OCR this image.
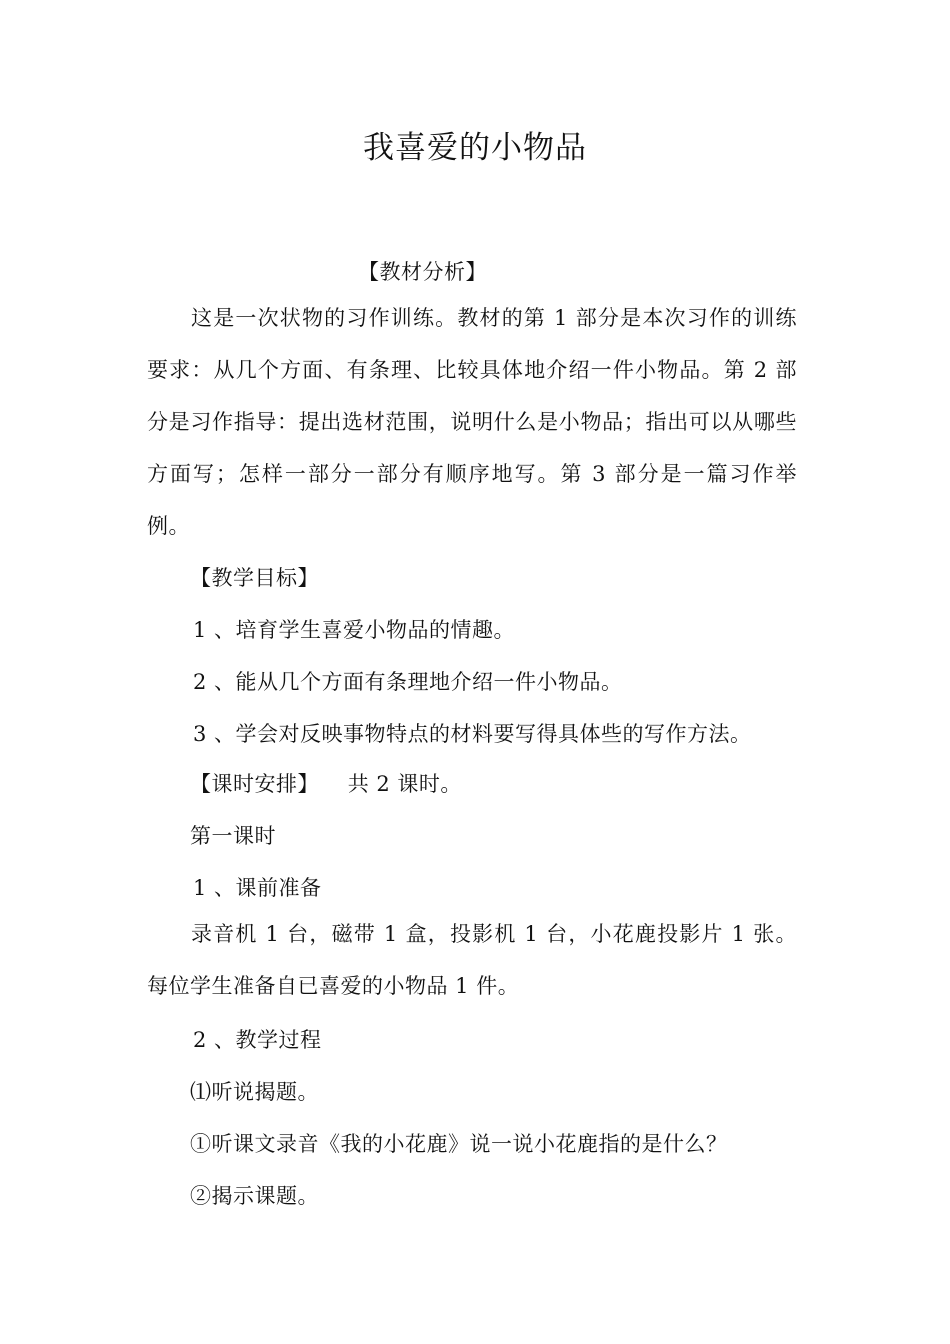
我喜爱的小物品
【教材分析】
这是一次状物的习作训练。教材的第 1 部分是本次习作的训练要求：从几个方面、有条理、比较具体地介绍一件小物品。第 2 部分是习作指导：提出选材范围，说明什么是小物品；指出可以从哪些方面写；怎样一部分一部分有顺序地写。第 3 部分是一篇习作举例。
【教学目标】
1 、培育学生喜爱小物品的情趣。
2 、能从几个方面有条理地介绍一件小物品。
3 、学会对反映事物特点的材料要写得具体些的写作方法。
【课时安排】    共 2 课时。
第一课时
1 、课前准备
录音机 1 台，磁带 1 盒，投影机 1 台，小花鹿投影片 1 张。每位学生准备自已喜爱的小物品 1 件。
2 、教学过程
⑴听说揭题。
①听课文录音《我的小花鹿》说一说小花鹿指的是什么？
②揭示课题。
